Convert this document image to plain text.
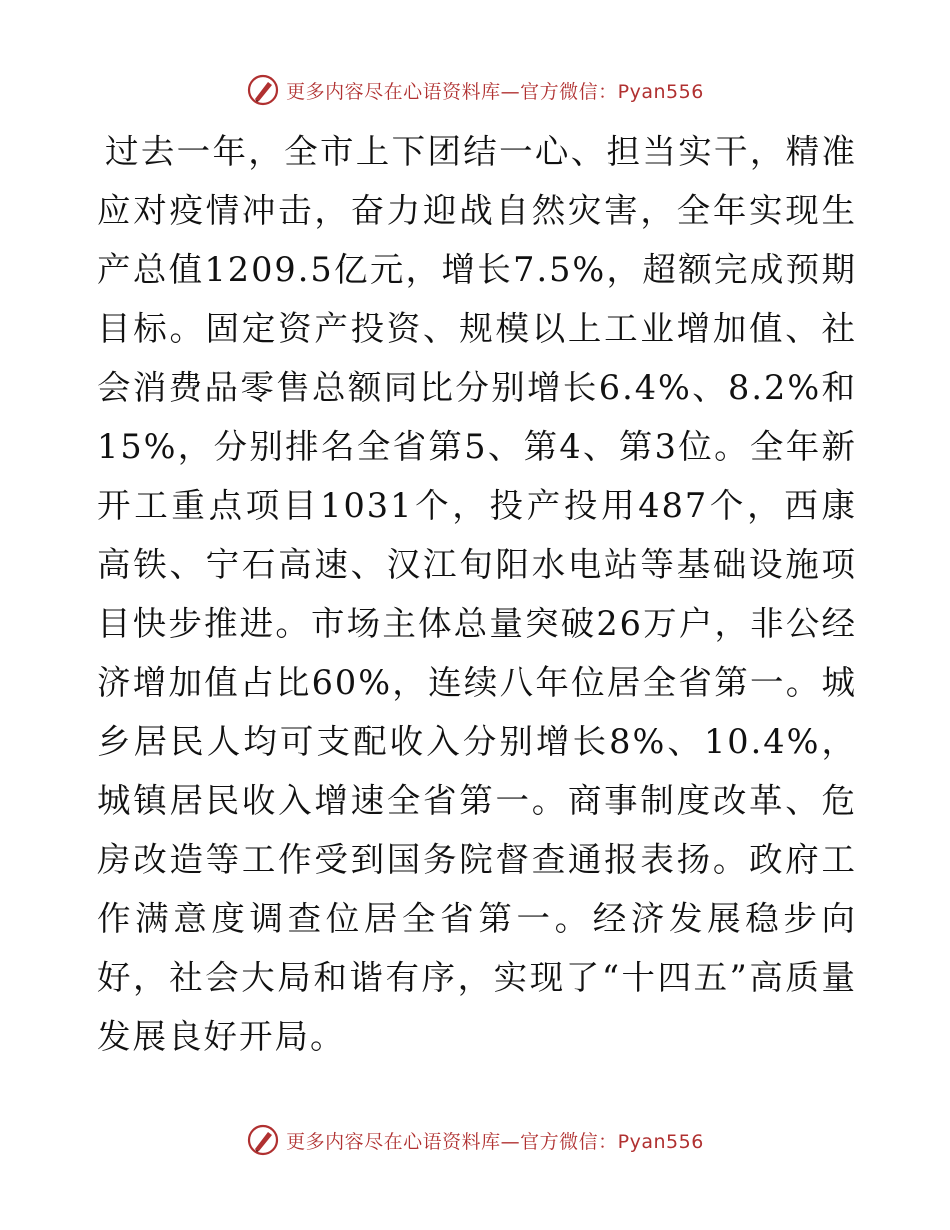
更多内容尽在心语资料库—官方微信：Pyan556

过去一年，全市上下团结一心、担当实干，精准应对疫情冲击，奋力迎战自然灾害，全年实现生产总值1209.5亿元，增长7.5%，超额完成预期目标。固定资产投资、规模以上工业增加值、社会消费品零售总额同比分别增长6.4%、8.2%和15%，分别排名全省第5、第4、第3位。全年新开工重点项目1031个，投产投用487个，西康高铁、宁石高速、汉江旬阳水电站等基础设施项目快步推进。市场主体总量突破26万户，非公经济增加值占比60%，连续八年位居全省第一。城乡居民人均可支配收入分别增长8%、10.4%，城镇居民收入增速全省第一。商事制度改革、危房改造等工作受到国务院督查通报表扬。政府工作满意度调查位居全省第一。经济发展稳步向好，社会大局和谐有序，实现了“十四五”高质量发展良好开局。

更多内容尽在心语资料库—官方微信：Pyan556
